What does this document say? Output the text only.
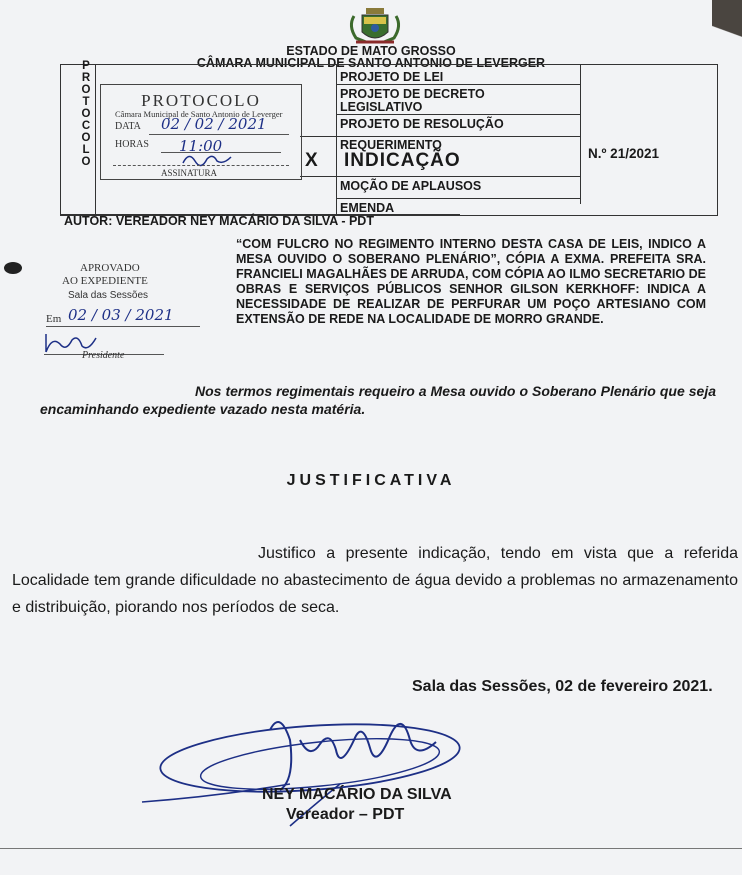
ESTADO DE MATO GROSSO
CÂMARA MUNICIPAL DE SANTO ANTONIO DE LEVERGER
P
R
O
T
O
C
O
L
O
PROTOCOLO
Câmara Municipal de Santo Antonio de Leverger
DATA 02 / 02 / 2021
HORAS 11:00
ASSINATURA
PROJETO DE LEI
PROJETO DE DECRETO
LEGISLATIVO
PROJETO DE RESOLUÇÃO
REQUERIMENTO
X INDICAÇÃO
MOÇÃO DE APLAUSOS
EMENDA
N.º 21/2021
AUTOR: VEREADOR NEY MACÁRIO DA SILVA - PDT
APROVADO
AO EXPEDIENTE
Sala das Sessões
Em 02 / 03 / 2021
Presidente
“COM FULCRO NO REGIMENTO INTERNO DESTA CASA DE LEIS, INDICO A MESA OUVIDO O SOBERANO PLENÁRIO”, CÓPIA A EXMA. PREFEITA SRA. FRANCIELI MAGALHÃES DE ARRUDA, COM CÓPIA AO ILMO SECRETARIO DE OBRAS E SERVIÇOS PÚBLICOS SENHOR GILSON KERKHOFF: INDICA A NECESSIDADE DE REALIZAR DE PERFURAR UM POÇO ARTESIANO COM EXTENSÃO DE REDE NA LOCALIDADE DE MORRO GRANDE.
Nos termos regimentais requeiro a Mesa ouvido o Soberano Plenário que seja encaminhando expediente vazado nesta matéria.
JUSTIFICATIVA
Justifico a presente indicação, tendo em vista que a referida Localidade tem grande dificuldade no abastecimento de água devido a problemas no armazenamento e distribuição, piorando nos períodos de seca.
Sala das Sessões, 02 de fevereiro 2021.
NEY MACÁRIO DA SILVA
Vereador – PDT
